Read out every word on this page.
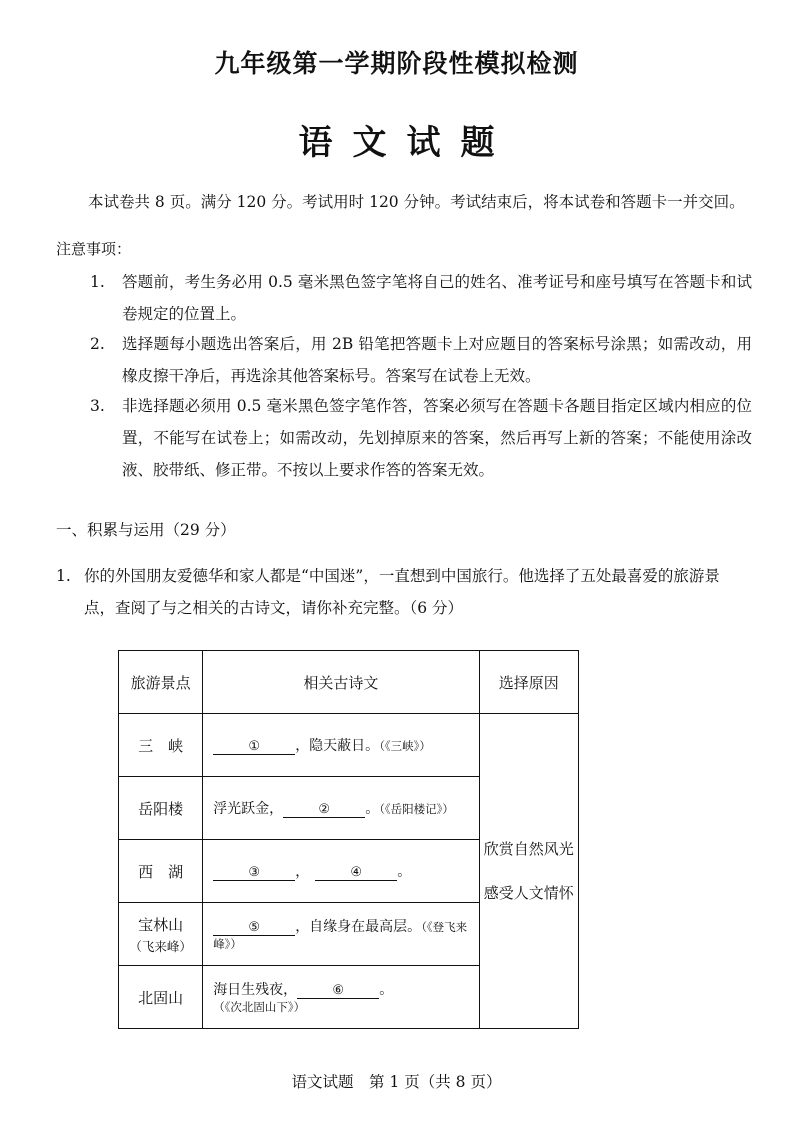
九年级第一学期阶段性模拟检测
语文试题
本试卷共 8 页。满分 120 分。考试用时 120 分钟。考试结束后，将本试卷和答题卡一并交回。
注意事项：
1.	答题前，考生务必用 0.5 毫米黑色签字笔将自己的姓名、准考证号和座号填写在答题卡和试卷规定的位置上。
2.	选择题每小题选出答案后，用 2B 铅笔把答题卡上对应题目的答案标号涂黑；如需改动，用橡皮擦干净后，再选涂其他答案标号。答案写在试卷上无效。
3.	非选择题必须用 0.5 毫米黑色签字笔作答，答案必须写在答题卡各题目指定区域内相应的位置，不能写在试卷上；如需改动，先划掉原来的答案，然后再写上新的答案；不能使用涂改液、胶带纸、修正带。不按以上要求作答的答案无效。
一、积累与运用（29 分）
1. 你的外国朋友爱德华和家人都是“中国迷”，一直想到中国旅行。他选择了五处最喜爱的旅游景点，查阅了与之相关的古诗文，请你补充完整。（6 分）
旅游景点	相关古诗文	选择原因
三　峡	① ，隐天蔽日。（《三峡》）	欣赏自然风光
感受人文情怀

岳阳楼	浮光跃金， ② 。（《岳阳楼记》）	
西　湖	③ ， ④ 。	
宝林山
（飞来峰）	⑤ ，自缘身在最高层。（《登飞来峰》）	
北固山	海日生残夜， ⑥ 。（《次北固山下》）	
语文试题　第 1 页（共 8 页）
